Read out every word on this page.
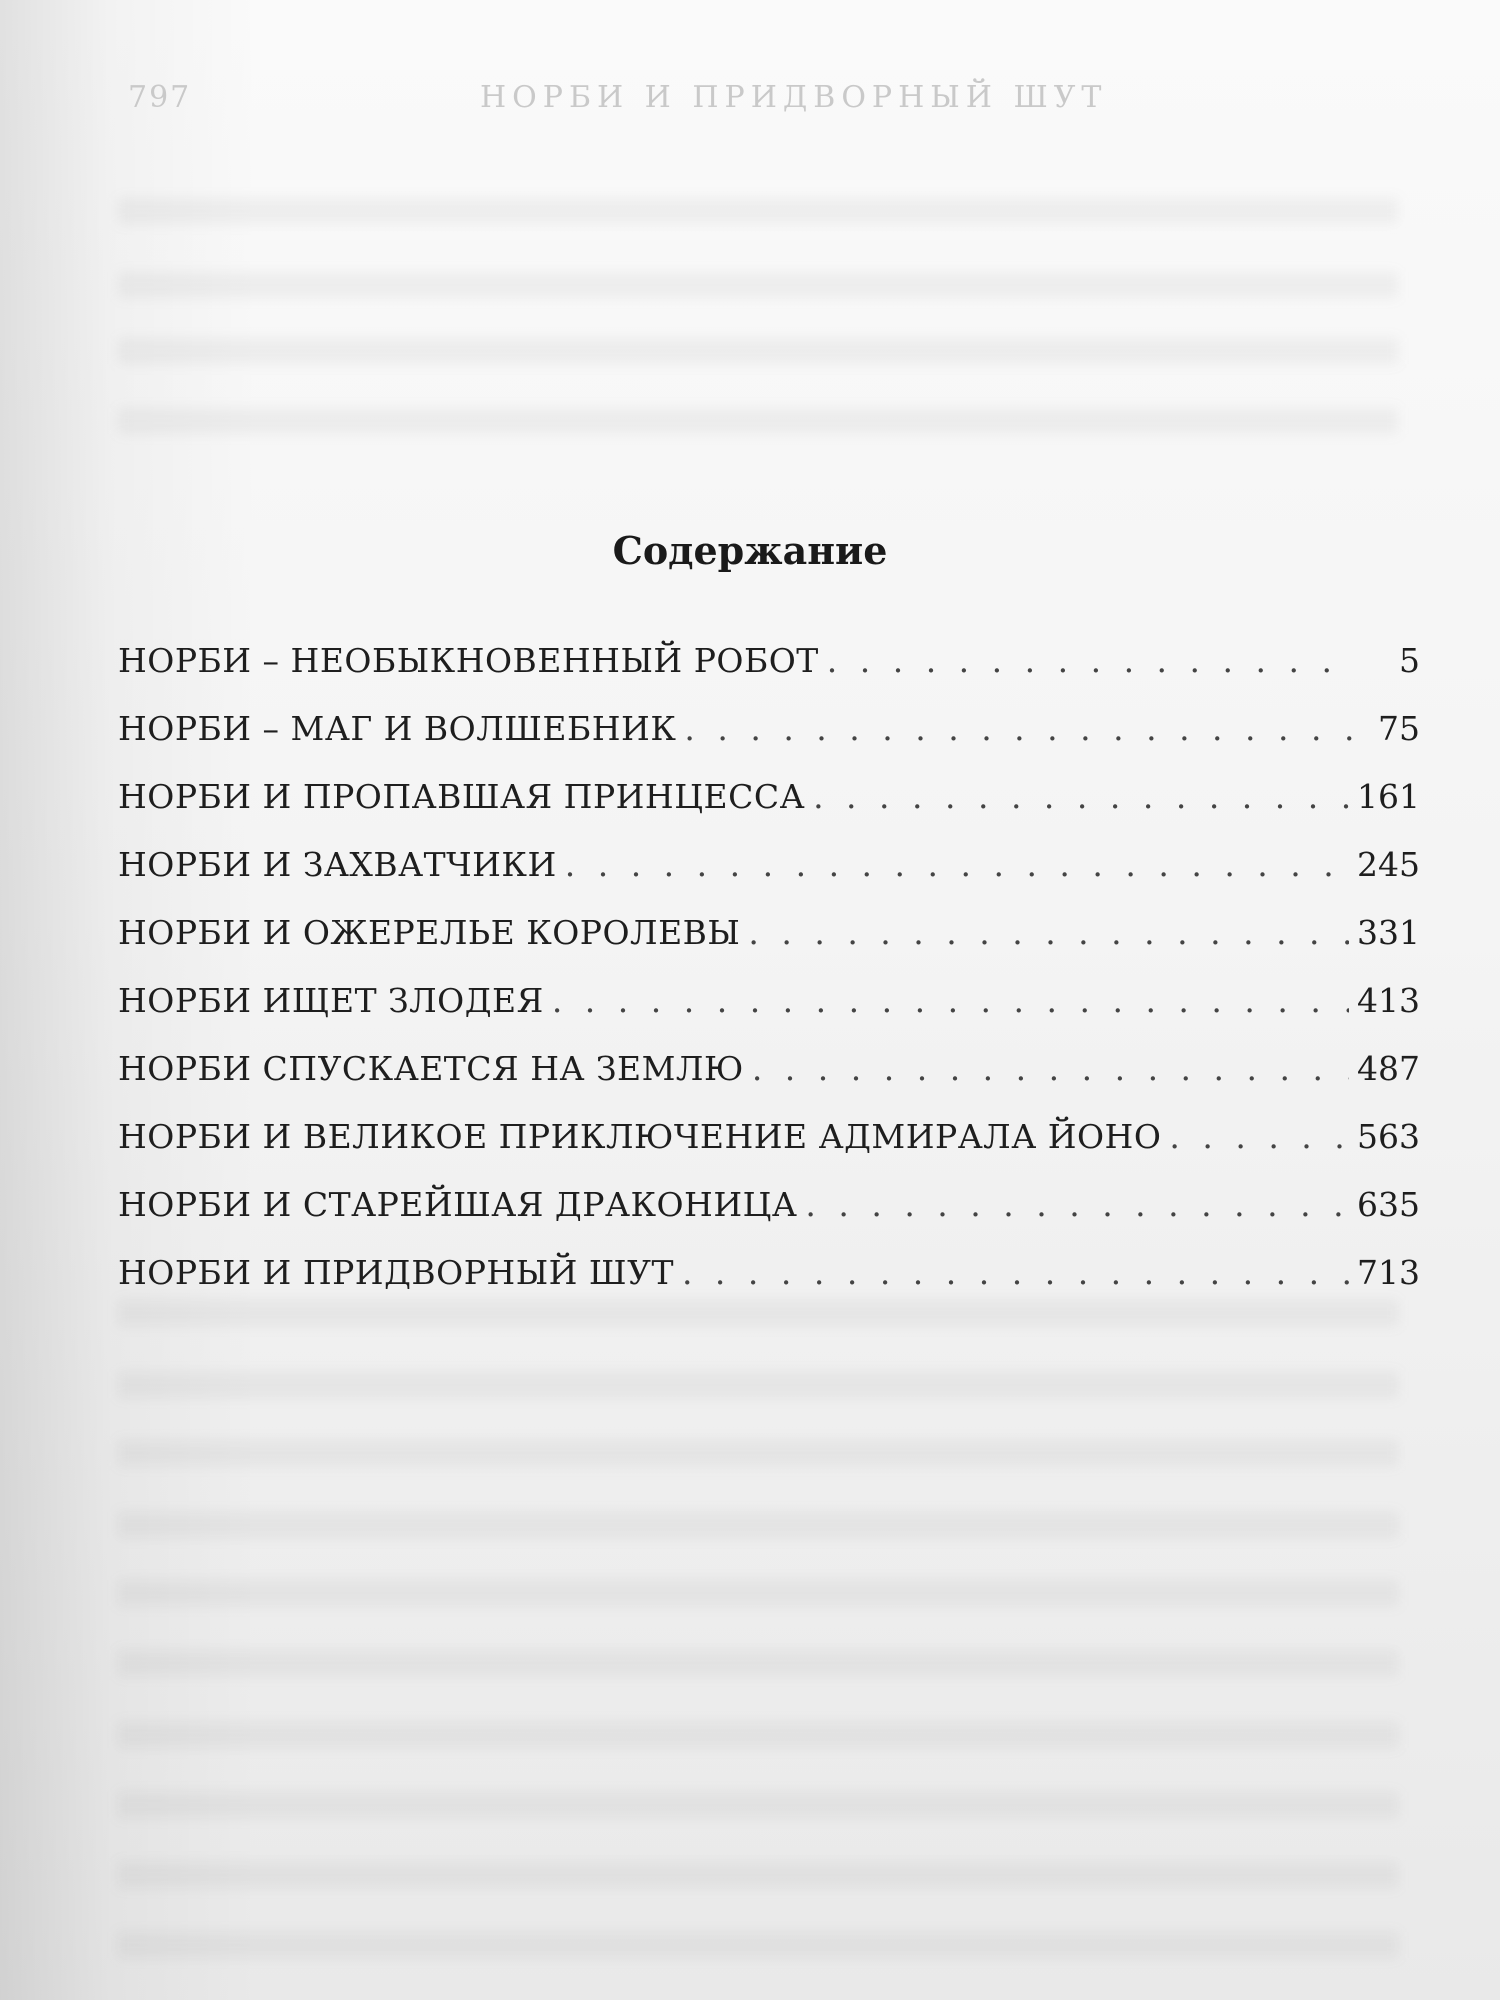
797	НОРБИ И ПРИДВОРНЫЙ ШУТ
Содержание
НОРБИ – НЕОБЫКНОВЕННЫЙ РОБОТ . . .	5
НОРБИ – МАГ И ВОЛШЕБНИК . . .	75
НОРБИ И ПРОПАВШАЯ ПРИНЦЕССА . . .	161
НОРБИ И ЗАХВАТЧИКИ . . .	245
НОРБИ И ОЖЕРЕЛЬЕ КОРОЛЕВЫ . . .	331
НОРБИ ИЩЕТ ЗЛОДЕЯ . . .	413
НОРБИ СПУСКАЕТСЯ НА ЗЕМЛЮ . . .	487
НОРБИ И ВЕЛИКОЕ ПРИКЛЮЧЕНИЕ АДМИРАЛА ЙОНО . . .	563
НОРБИ И СТАРЕЙШАЯ ДРАКОНИЦА . . .	635
НОРБИ И ПРИДВОРНЫЙ ШУТ . . .	713
